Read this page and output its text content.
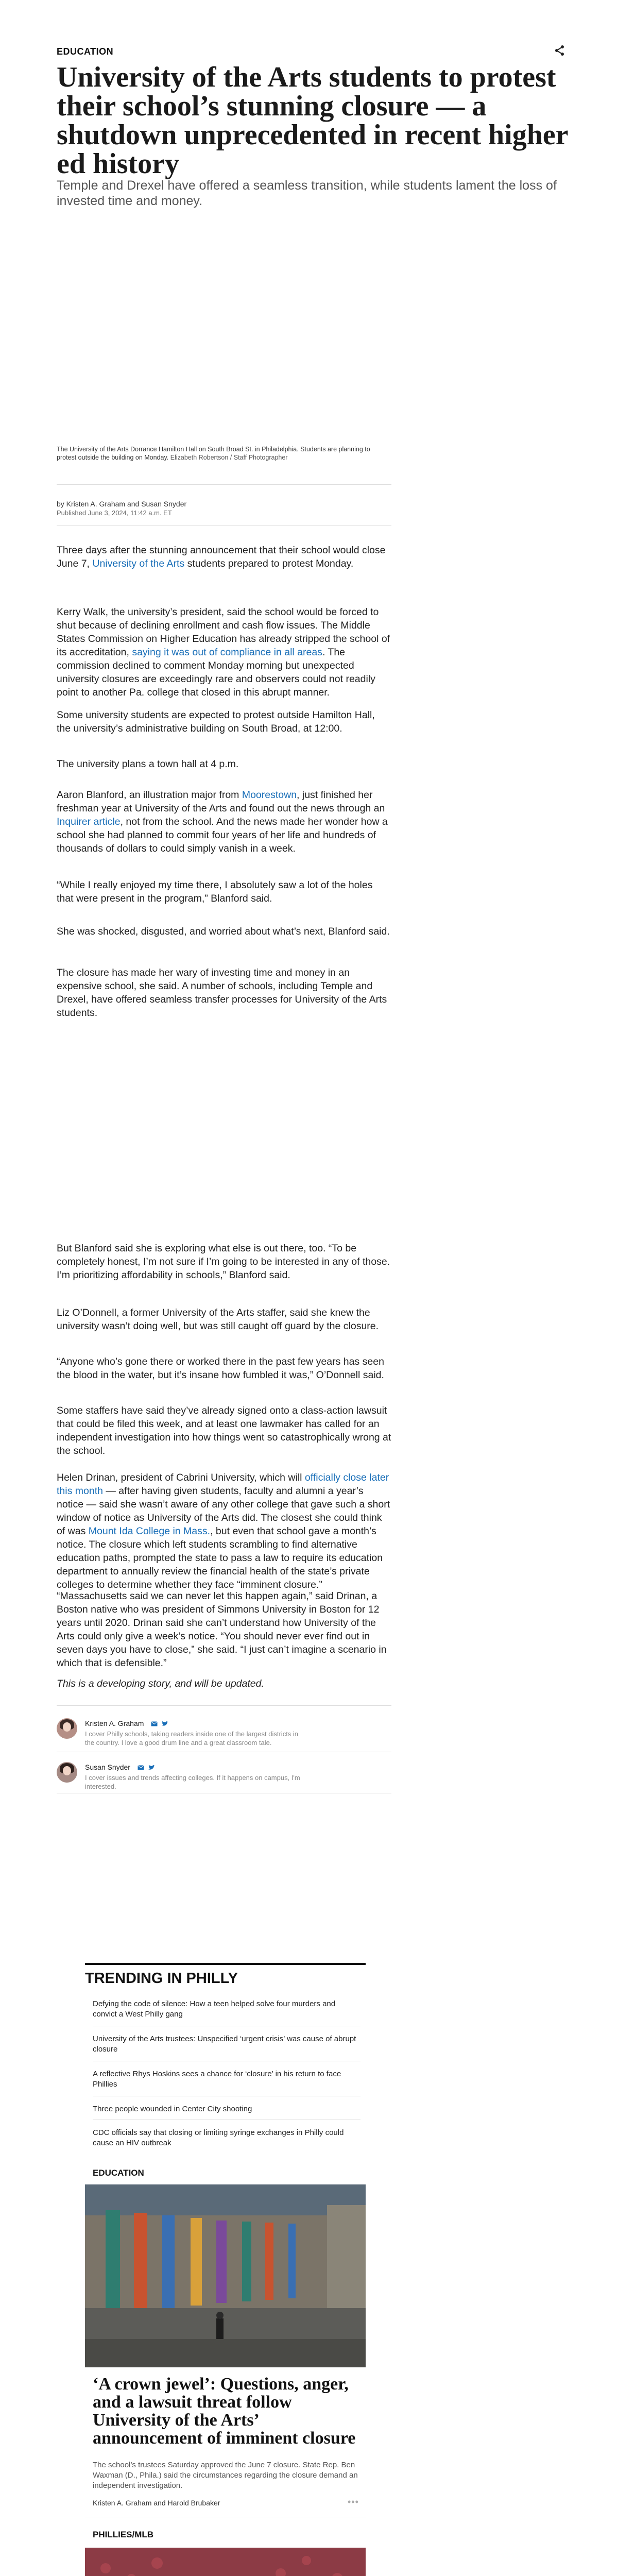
EDUCATION
University of the Arts students to protest their school’s stunning closure — a shutdown unprecedented in recent higher ed history

Temple and Drexel have offered a seamless transition, while students lament the loss of invested time and money.

The University of the Arts Dorrance Hamilton Hall on South Broad St. in Philadelphia. Students are planning to protest outside the building on Monday. Elizabeth Robertson / Staff Photographer
by Kristen A. Graham and Susan Snyder
Published June 3, 2024, 11:42 a.m. ET

Three days after the stunning announcement that their school would close June 7, University of the Arts students prepared to protest Monday.

Kerry Walk, the university’s president, said the school would be forced to shut because of declining enrollment and cash flow issues. The Middle States Commission on Higher Education has already stripped the school of its accreditation, saying it was out of compliance in all areas. The commission declined to comment Monday morning but unexpected university closures are exceedingly rare and observers could not readily point to another Pa. college that closed in this abrupt manner.

Some university students are expected to protest outside Hamilton Hall, the university’s administrative building on South Broad, at 12:00.

The university plans a town hall at 4 p.m.

Aaron Blanford, an illustration major from Moorestown, just finished her freshman year at University of the Arts and found out the news through an Inquirer article, not from the school. And the news made her wonder how a school she had planned to commit four years of her life and hundreds of thousands of dollars to could simply vanish in a week.

“While I really enjoyed my time there, I absolutely saw a lot of the holes that were present in the program,” Blanford said.

She was shocked, disgusted, and worried about what’s next, Blanford said.

The closure has made her wary of investing time and money in an expensive school, she said. A number of schools, including Temple and Drexel, have offered seamless transfer processes for University of the Arts students.

But Blanford said she is exploring what else is out there, too. “To be completely honest, I’m not sure if I’m going to be interested in any of those. I’m prioritizing affordability in schools,” Blanford said.

Liz O’Donnell, a former University of the Arts staffer, said she knew the university wasn’t doing well, but was still caught off guard by the closure.

“Anyone who’s gone there or worked there in the past few years has seen the blood in the water, but it’s insane how fumbled it was,” O’Donnell said.

Some staffers have said they’ve already signed onto a class-action lawsuit that could be filed this week, and at least one lawmaker has called for an independent investigation into how things went so catastrophically wrong at the school.

Helen Drinan, president of Cabrini University, which will officially close later this month — after having given students, faculty and alumni a year’s notice — said she wasn’t aware of any other college that gave such a short window of notice as University of the Arts did. The closest she could think of was Mount Ida College in Mass., but even that school gave a month’s notice. The closure which left students scrambling to find alternative education paths, prompted the state to pass a law to require its education department to annually review the financial health of the state’s private colleges to determine whether they face “imminent closure.”

“Massachusetts said we can never let this happen again,” said Drinan, a Boston native who was president of Simmons University in Boston for 12 years until 2020. Drinan said she can’t understand how University of the Arts could only give a week’s notice. “You should never ever find out in seven days you have to close,” she said. “I just can’t imagine a scenario in which that is defensible.”

This is a developing story, and will be updated.

Kristen A. Graham
I cover Philly schools, taking readers inside one of the largest districts in the country. I love a good drum line and a great classroom tale.
Susan Snyder
I cover issues and trends affecting colleges. If it happens on campus, I'm interested.
TRENDING IN PHILLY
Defying the code of silence: How a teen helped solve four murders and convict a West Philly gang
University of the Arts trustees: Unspecified ‘urgent crisis’ was cause of abrupt closure
A reflective Rhys Hoskins sees a chance for ‘closure’ in his return to face Phillies
Three people wounded in Center City shooting
CDC officials say that closing or limiting syringe exchanges in Philly could cause an HIV outbreak
EDUCATION
‘A crown jewel’: Questions, anger, and a lawsuit threat follow University of the Arts’ announcement of imminent closure
The school’s trustees Saturday approved the June 7 closure. State Rep. Ben Waxman (D., Phila.) said the circumstances regarding the closure demand an independent investigation.
Kristen A. Graham and Harold Brubaker	•••
PHILLIES/MLB
